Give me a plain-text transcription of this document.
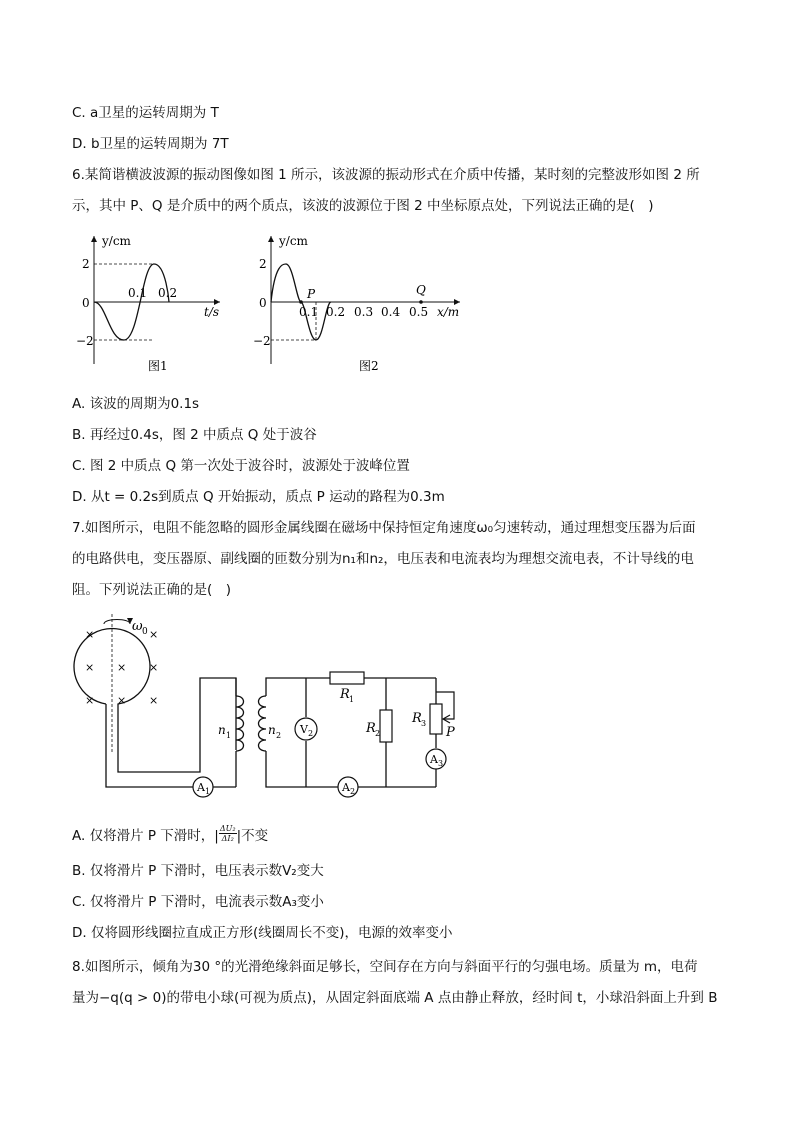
C. a卫星的运转周期为 T
D. b卫星的运转周期为 7T
6.某简谐横波波源的振动图像如图 1 所示，该波源的振动形式在介质中传播，某时刻的完整波形如图 2 所
示，其中 P、Q 是介质中的两个质点，该波的波源位于图 2 中坐标原点处，下列说法正确的是(　)
y/cm
2
0
−2
0.1 0.2
t/s
图1
y/cm
2
0
−2
P	Q
0.1 0.2 0.3 0.4 0.5 x/m
图2
A. 该波的周期为0.1s
B. 再经过0.4s，图 2 中质点 Q 处于波谷
C. 图 2 中质点 Q 第一次处于波谷时，波源处于波峰位置
D. 从t = 0.2s到质点 Q 开始振动，质点 P 运动的路程为0.3m
7.如图所示，电阻不能忽略的圆形金属线圈在磁场中保持恒定角速度ω₀匀速转动，通过理想变压器为后面
的电路供电，变压器原、副线圈的匝数分别为n₁和n₂，电压表和电流表均为理想交流电表，不计导线的电
阻。下列说法正确的是(　)
ω 0
×	×
× × ×
× × ×
A 1
n 1	n 2 V 2
R 1
A 2
R 2
R 3
P
A 3
A. 仅将滑片 P 下滑时，| $\frac{\text{ΔU₂}}{\text{ΔI₂}}$ |不变
B. 仅将滑片 P 下滑时，电压表示数V₂变大
C. 仅将滑片 P 下滑时，电流表示数A₃变小
D. 仅将圆形线圈拉直成正方形(线圈周长不变)，电源的效率变小
8.如图所示，倾角为30 °的光滑绝缘斜面足够长，空间存在方向与斜面平行的匀强电场。质量为 m，电荷
量为−q(q > 0)的带电小球(可视为质点)，从固定斜面底端 A 点由静止释放，经时间 t，小球沿斜面上升到 B
